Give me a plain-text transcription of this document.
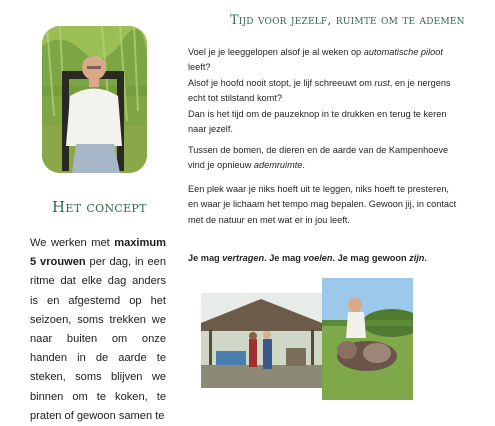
Het concept
We werken met maximum 5 vrouwen per dag, in een ritme dat elke dag anders is en afgestemd op het seizoen, soms trekken we naar buiten om onze handen in de aarde te steken, soms blijven we binnen om te koken, te praten of gewoon samen te
Tijd voor jezelf, ruimte om te ademen
Voel je je leeggelopen alsof je al weken op automatische piloot leeft?
Alsof je hoofd nooit stopt, je lijf schreeuwt om rust, en je nergens echt tot stilstand komt?
Dan is het tijd om de pauzeknop in te drukken en terug te keren naar jezelf.
Tussen de bomen, de dieren en de aarde van de Kampenhoeve vind je opnieuw ademruimte.
Een plek waar je niks hoeft uit te leggen, niks hoeft te presteren, en waar je lichaam het tempo mag bepalen. Gewoon jij, in contact met de natuur en met wat er in jou leeft.
Je mag vertragen. Je mag voelen. Je mag gewoon zijn.
